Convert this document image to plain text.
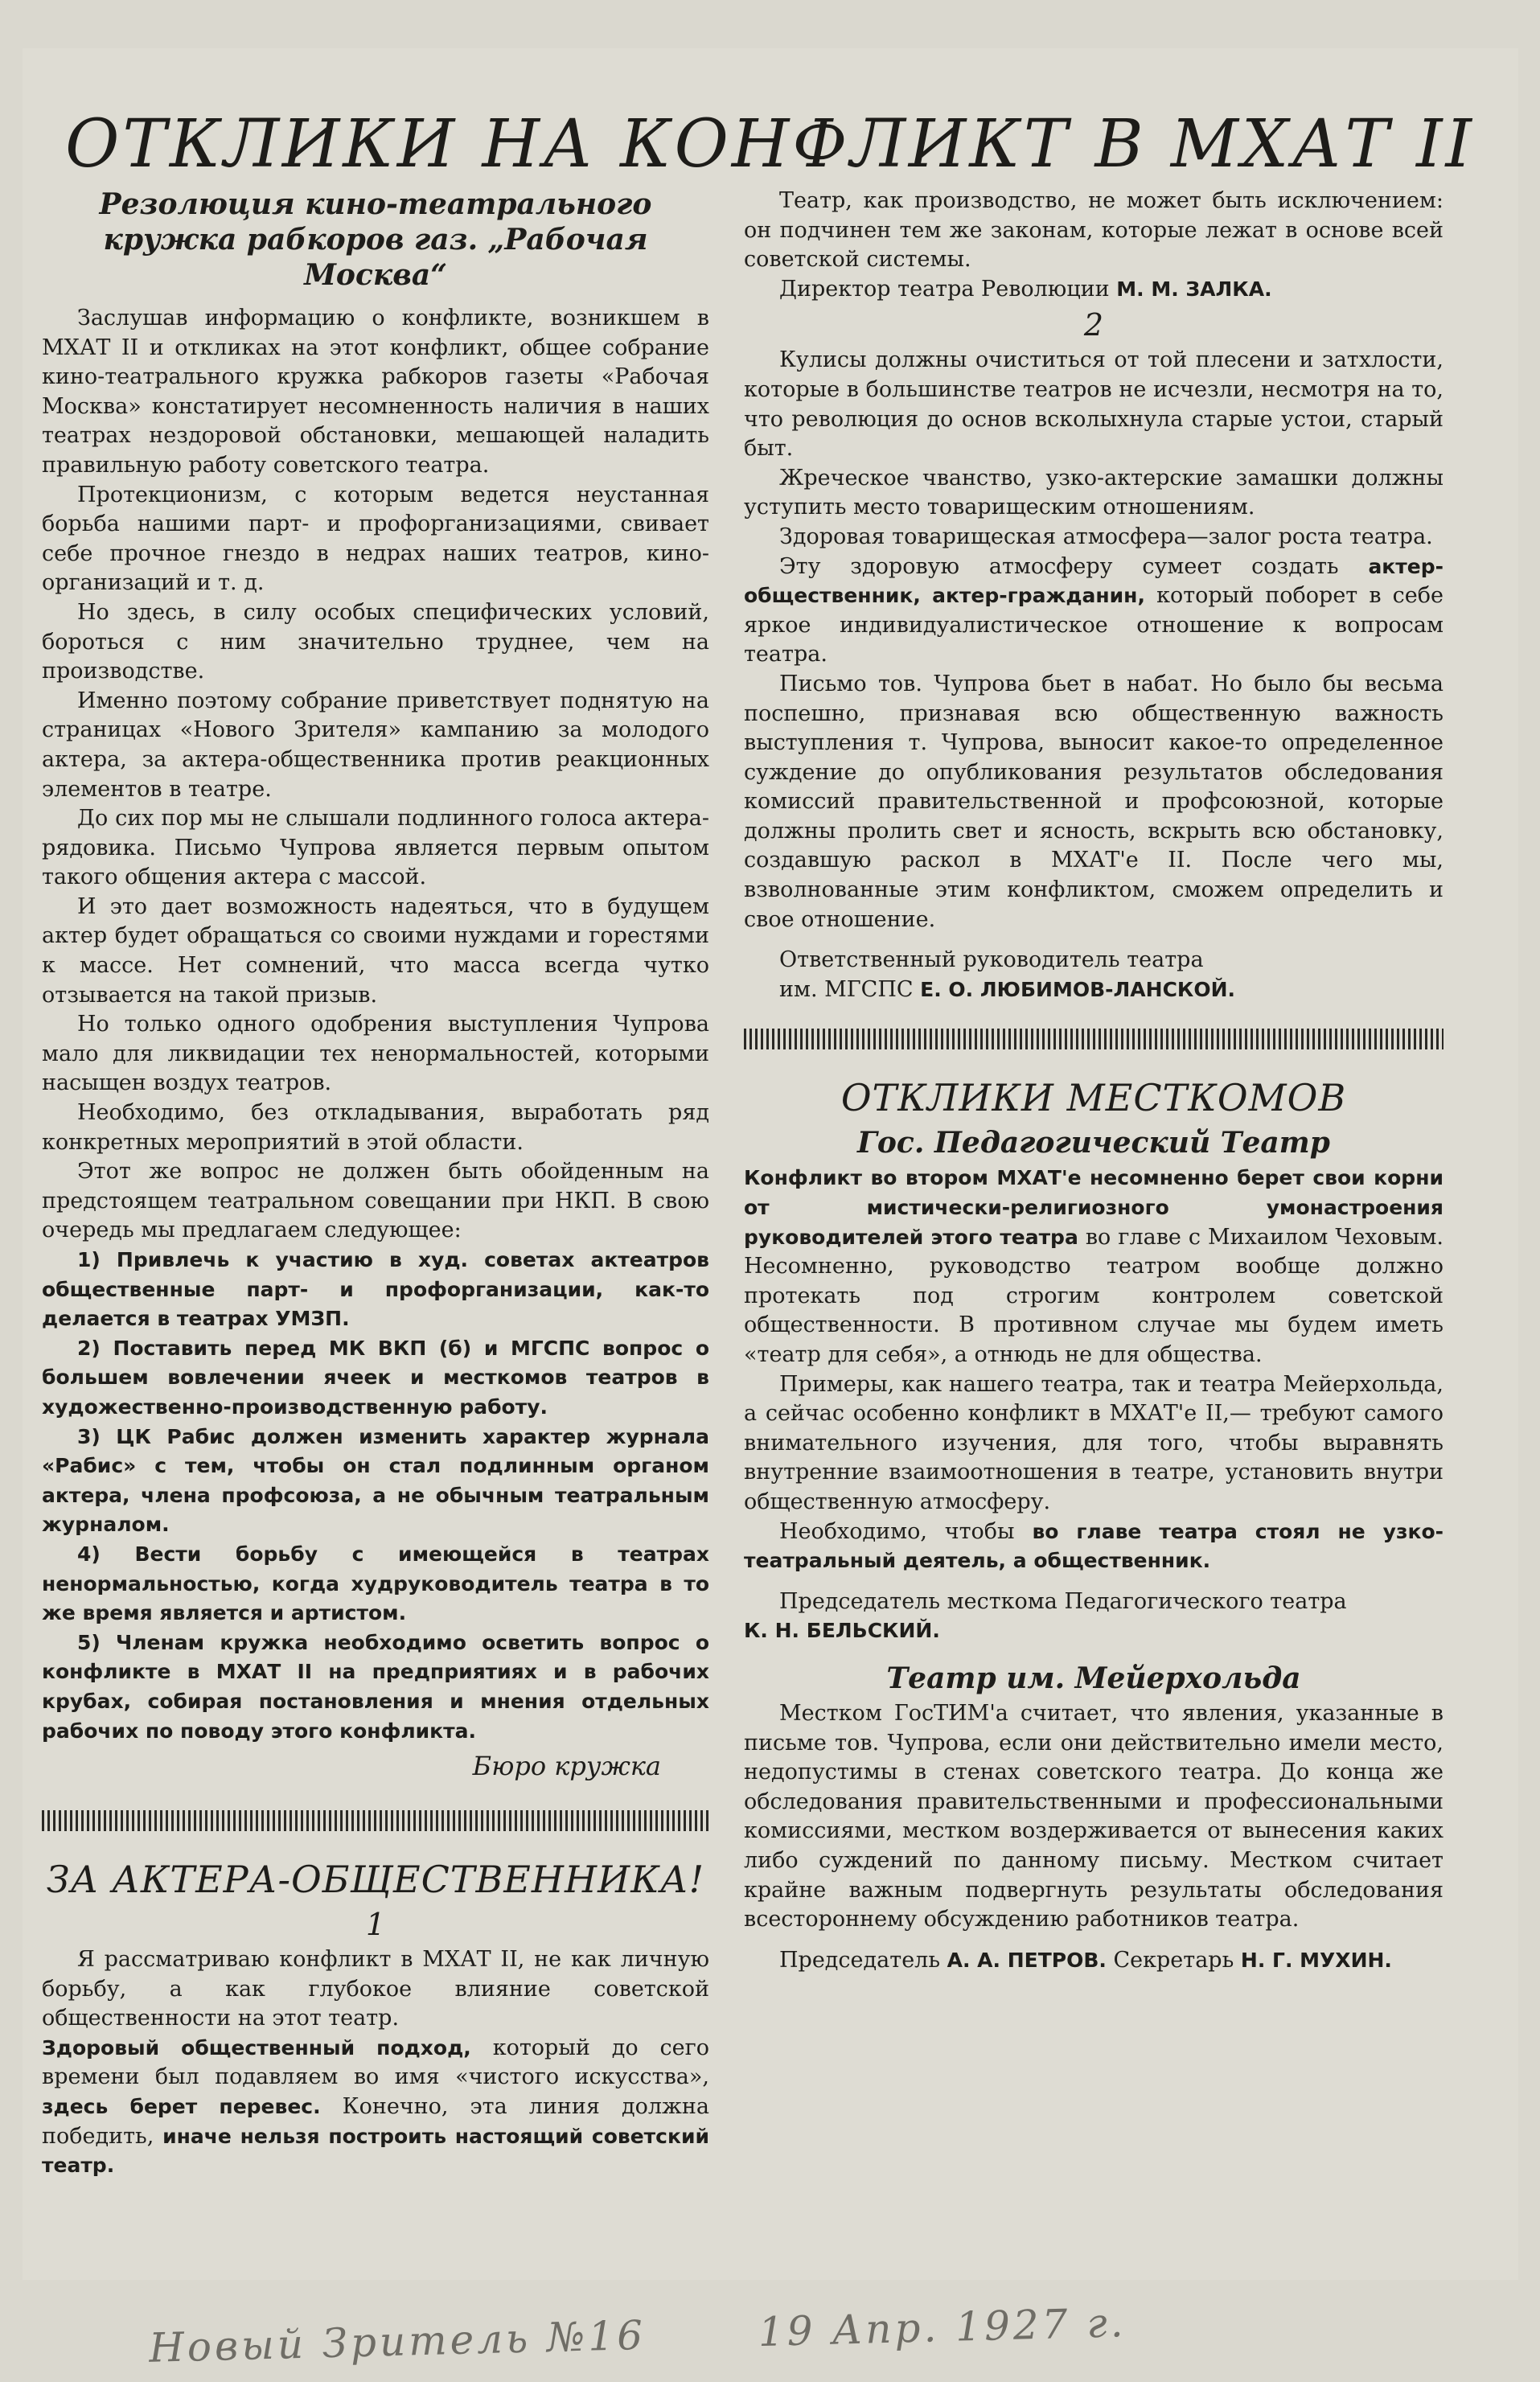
ОТКЛИКИ НА КОНФЛИКТ В МХАТ II
Резолюция кино-театрального кружка рабкоров газ. „Рабочая Москва“

Заслушав информацию о конфликте, возникшем в МХАТ II и откликах на этот конфликт, общее собрание кино-театрального кружка рабкоров газеты «Рабочая Москва» констатирует несомненность наличия в наших театрах нездоровой обстановки, мешающей наладить правильную работу советского театра.

Протекционизм, с которым ведется неустанная борьба нашими парт- и профорганизациями, свивает себе прочное гнездо в недрах наших театров, кино-организаций и т. д.

Но здесь, в силу особых специфических условий, бороться с ним значительно труднее, чем на производстве.

Именно поэтому собрание приветствует поднятую на страницах «Нового Зрителя» кампанию за молодого актера, за актера-общественника против реакционных элементов в театре.

До сих пор мы не слышали подлинного голоса актера-рядовика. Письмо Чупрова является первым опытом такого общения актера с массой.

И это дает возможность надеяться, что в будущем актер будет обращаться со своими нуждами и горестями к массе. Нет сомнений, что масса всегда чутко отзывается на такой призыв.

Но только одного одобрения выступления Чупрова мало для ликвидации тех ненормальностей, которыми насыщен воздух театров.

Необходимо, без откладывания, выработать ряд конкретных мероприятий в этой области.

Этот же вопрос не должен быть обойденным на предстоящем театральном совещании при НКП. В свою очередь мы предлагаем следующее:

1) Привлечь к участию в худ. советах актеатров общественные парт- и профорганизации, как-то делается в театрах УМЗП.

2) Поставить перед МК ВКП (б) и МГСПС вопрос о большем вовлечении ячеек и месткомов театров в художественно-производственную работу.

3) ЦК Рабис должен изменить характер журнала «Рабис» с тем, чтобы он стал подлинным органом актера, члена профсоюза, а не обычным театральным журналом.

4) Вести борьбу с имеющейся в театрах ненормальностью, когда худруководитель театра в то же время является и артистом.

5) Членам кружка необходимо осветить вопрос о конфликте в МХАТ II на предприятиях и в рабочих крубах, собирая постановления и мнения отдельных рабочих по поводу этого конфликта.

Бюро кружка
ЗА АКТЕРА-ОБЩЕСТВЕННИКА!
1

Я рассматриваю конфликт в МХАТ II, не как личную борьбу, а как глубокое влияние советской общественности на этот театр.

Здоровый общественный подход, который до сего времени был подавляем во имя «чистого искусства», здесь берет перевес. Конечно, эта линия должна победить, иначе нельзя построить настоящий советский театр.

Театр, как производство, не может быть исключением: он подчинен тем же законам, которые лежат в основе всей советской системы.

Директор театра Революции М. М. ЗАЛКА.

2

Кулисы должны очиститься от той плесени и затхлости, которые в большинстве театров не исчезли, несмотря на то, что революция до основ всколыхнула старые устои, старый быт.

Жреческое чванство, узко-актерские замашки должны уступить место товарищеским отношениям.

Здоровая товарищеская атмосфера—залог роста театра.

Эту здоровую атмосферу сумеет создать актер-общественник, актер-гражданин, который поборет в себе яркое индивидуалистическое отношение к вопросам театра.

Письмо тов. Чупрова бьет в набат. Но было бы весьма поспешно, признавая всю общественную важность выступления т. Чупрова, выносит какое-то определенное суждение до опубликования результатов обследования комиссий правительственной и профсоюзной, которые должны пролить свет и ясность, вскрыть всю обстановку, создавшую раскол в МХАТ'е II. После чего мы, взволнованные этим конфликтом, сможем определить и свое отношение.

Ответственный руководитель театра

им. МГСПС Е. О. ЛЮБИМОВ-ЛАНСКОЙ.

ОТКЛИКИ МЕСТКОМОВ
Гос. Педагогический Театр

Конфликт во втором МХАТ'е несомненно берет свои корни от мистически-религиозного умонастроения руководителей этого театра во главе с Михаилом Чеховым. Несомненно, руководство театром вообще должно протекать под строгим контролем советской общественности. В противном случае мы будем иметь «театр для себя», а отнюдь не для общества.

Примеры, как нашего театра, так и театра Мейерхольда, а сейчас особенно конфликт в МХАТ'е II,— требуют самого внимательного изучения, для того, чтобы выравнять внутренние взаимоотношения в театре, установить внутри общественную атмосферу.

Необходимо, чтобы во главе театра стоял не узко-театральный деятель, а общественник.

Председатель месткома Педагогического театра

К. Н. БЕЛЬСКИЙ.

Театр им. Мейерхольда

Местком ГосТИМ'а считает, что явления, указанные в письме тов. Чупрова, если они действительно имели место, недопустимы в стенах советского театра. До конца же обследования правительственными и профессиональными комиссиями, местком воздерживается от вынесения каких либо суждений по данному письму. Местком считает крайне важным подвергнуть результаты обследования всестороннему обсуждению работников театра.

Председатель А. А. ПЕТРОВ. Секретарь Н. Г. МУХИН.

Новый Зритель №16	19 Апр. 1927 г.
